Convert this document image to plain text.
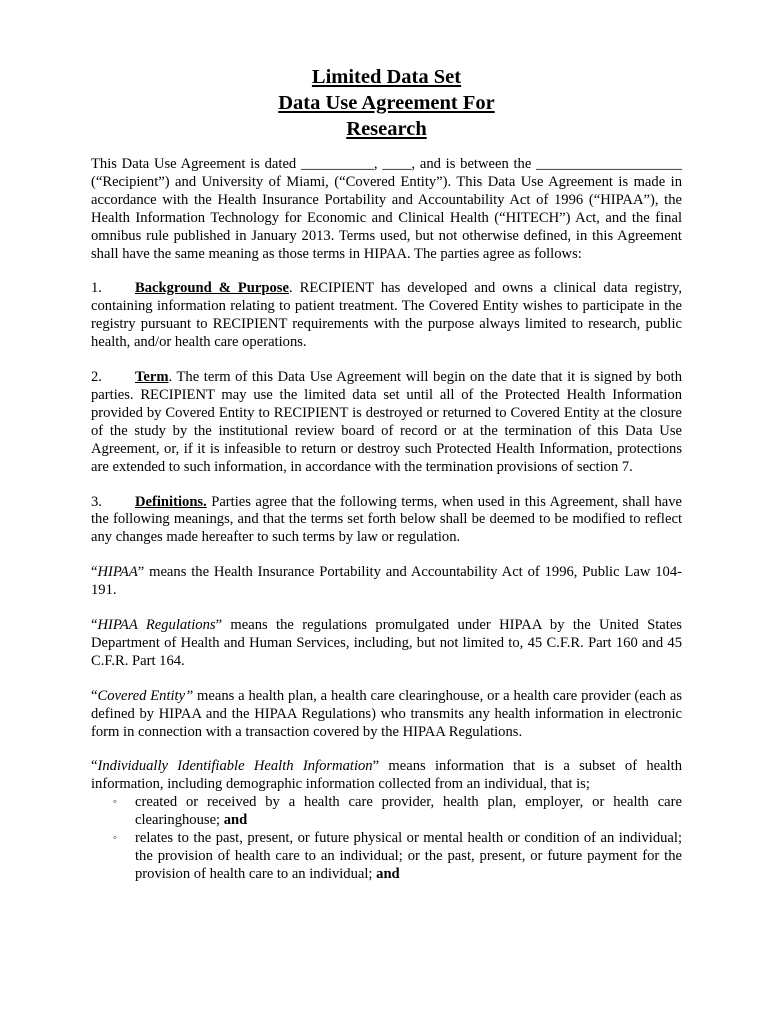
Limited Data Set
Data Use Agreement For
Research

This Data Use Agreement is dated __________, ____, and is between the ____________________ (“Recipient”) and University of Miami, (“Covered Entity”). This Data Use Agreement is made in accordance with the Health Insurance Portability and Accountability Act of 1996 (“HIPAA”), the Health Information Technology for Economic and Clinical Health (“HITECH”) Act, and the final omnibus rule published in January 2013. Terms used, but not otherwise defined, in this Agreement shall have the same meaning as those terms in HIPAA. The parties agree as follows:

1. Background & Purpose. RECIPIENT has developed and owns a clinical data registry, containing information relating to patient treatment. The Covered Entity wishes to participate in the registry pursuant to RECIPIENT requirements with the purpose always limited to research, public health, and/or health care operations.

2. Term. The term of this Data Use Agreement will begin on the date that it is signed by both parties. RECIPIENT may use the limited data set until all of the Protected Health Information provided by Covered Entity to RECIPIENT is destroyed or returned to Covered Entity at the closure of the study by the institutional review board of record or at the termination of this Data Use Agreement, or, if it is infeasible to return or destroy such Protected Health Information, protections are extended to such information, in accordance with the termination provisions of section 7.

3. Definitions. Parties agree that the following terms, when used in this Agreement, shall have the following meanings, and that the terms set forth below shall be deemed to be modified to reflect any changes made hereafter to such terms by law or regulation.

“HIPAA” means the Health Insurance Portability and Accountability Act of 1996, Public Law 104-191.

“HIPAA Regulations” means the regulations promulgated under HIPAA by the United States Department of Health and Human Services, including, but not limited to, 45 C.F.R. Part 160 and 45 C.F.R. Part 164.

“Covered Entity” means a health plan, a health care clearinghouse, or a health care provider (each as defined by HIPAA and the HIPAA Regulations) who transmits any health information in electronic form in connection with a transaction covered by the HIPAA Regulations.

“Individually Identifiable Health Information” means information that is a subset of health information, including demographic information collected from an individual, that is;

◦ created or received by a health care provider, health plan, employer, or health care clearinghouse; and
◦ relates to the past, present, or future physical or mental health or condition of an individual; the provision of health care to an individual; or the past, present, or future payment for the provision of health care to an individual; and
